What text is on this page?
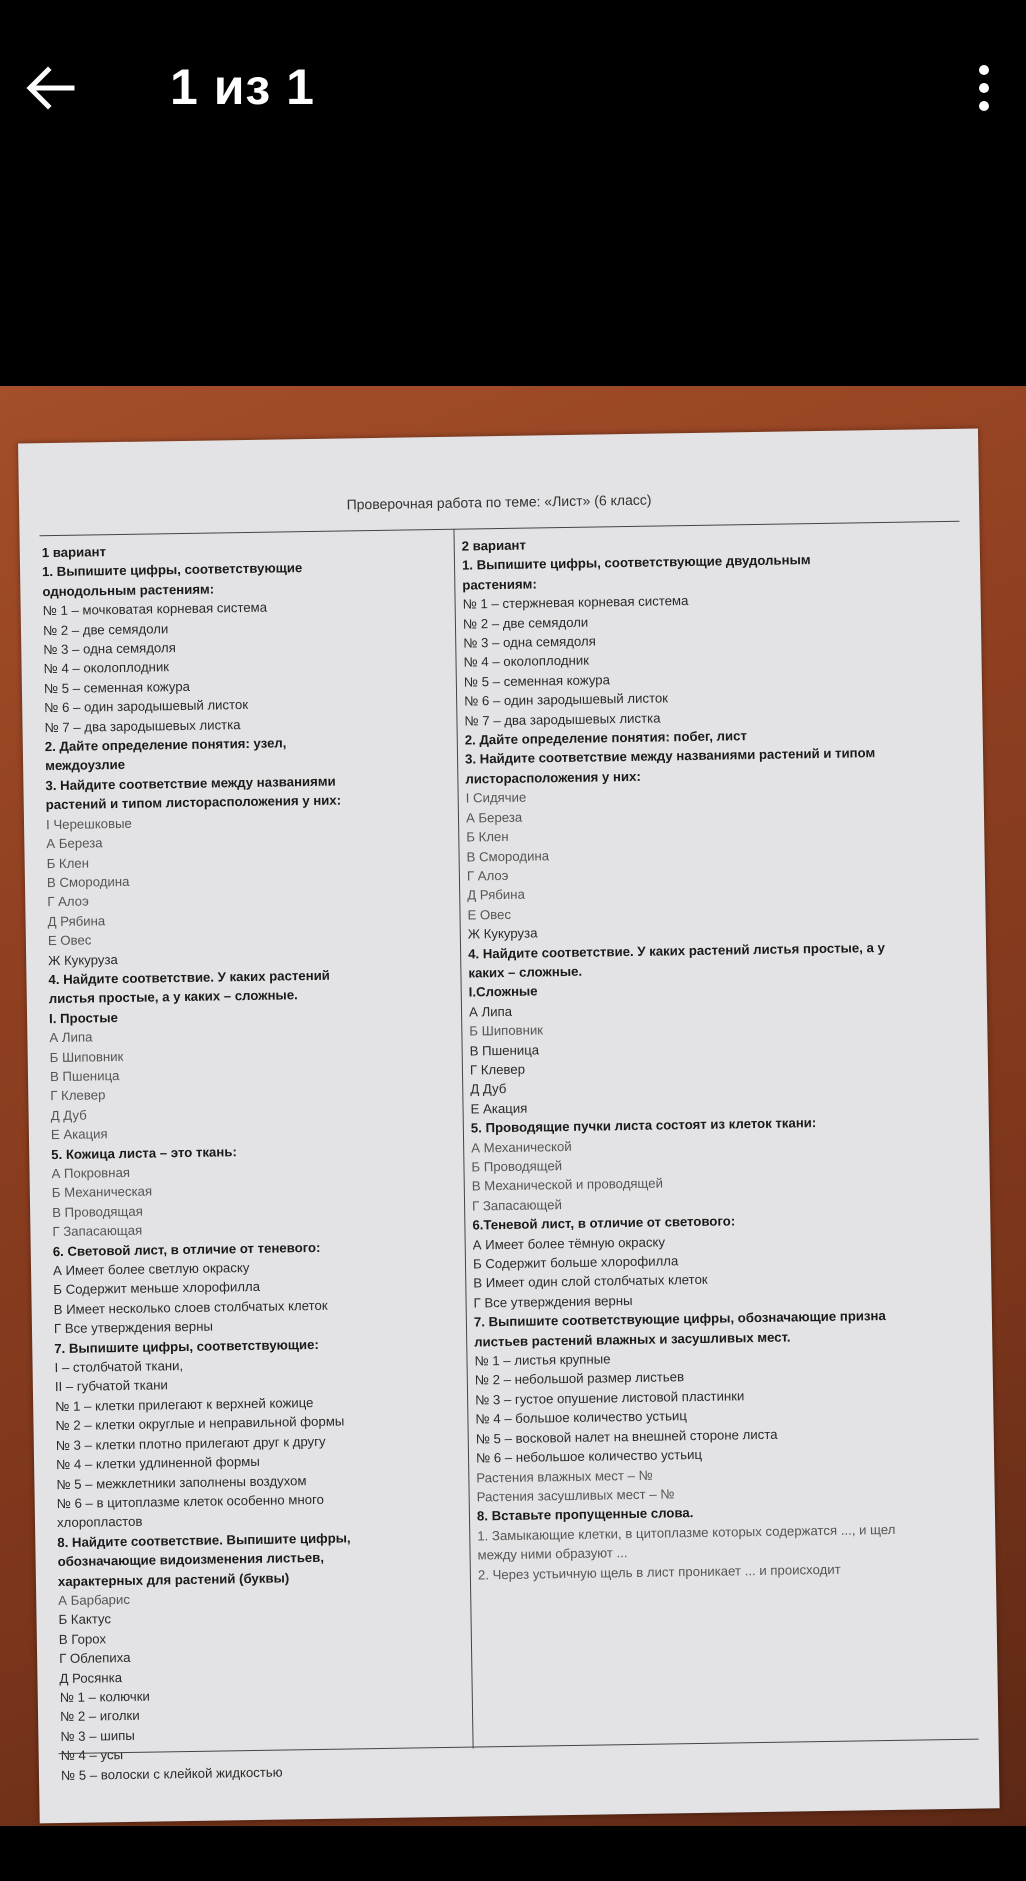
1 из 1
Проверочная работа по теме: «Лист» (6 класс)
1 вариант
1. Выпишите цифры, соответствующие
однодольным растениям:
№ 1 – мочковатая корневая система
№ 2 – две семядоли
№ 3 – одна семядоля
№ 4 – околоплодник
№ 5 – семенная кожура
№ 6 – один зародышевый листок
№ 7 – два зародышевых листка
2. Дайте определение понятия: узел,
междоузлие
3. Найдите соответствие между названиями
растений и типом листорасположения у них:
I Черешковые
А Береза
Б Клен
В Смородина
Г Алоэ
Д Рябина
Е Овес
Ж Кукуруза
4. Найдите соответствие. У каких растений
листья простые, а у каких – сложные.
I. Простые
А Липа
Б Шиповник
В Пшеница
Г Клевер
Д Дуб
Е Акация
5. Кожица листа – это ткань:
А Покровная
Б Механическая
В Проводящая
Г Запасающая
6. Световой лист, в отличие от теневого:
А Имеет более светлую окраску
Б Содержит меньше хлорофилла
В Имеет несколько слоев столбчатых клеток
Г Все утверждения верны
7. Выпишите цифры, соответствующие:
I – столбчатой ткани,
II – губчатой ткани
№ 1 – клетки прилегают к верхней кожице
№ 2 – клетки округлые и неправильной формы
№ 3 – клетки плотно прилегают друг к другу
№ 4 – клетки удлиненной формы
№ 5 – межклетники заполнены воздухом
№ 6 – в цитоплазме клеток особенно много
хлоропластов
8. Найдите соответствие. Выпишите цифры,
обозначающие видоизменения листьев,
характерных для растений (буквы)
А Барбарис
Б Кактус
В Горох
Г Облепиха
Д Росянка
№ 1 – колючки
№ 2 – иголки
№ 3 – шипы
№ 4 – усы
№ 5 – волоски с клейкой жидкостью
2 вариант
1. Выпишите цифры, соответствующие двудольным
растениям:
№ 1 – стержневая корневая система
№ 2 – две семядоли
№ 3 – одна семядоля
№ 4 – околоплодник
№ 5 – семенная кожура
№ 6 – один зародышевый листок
№ 7 – два зародышевых листка
2. Дайте определение понятия: побег, лист
3. Найдите соответствие между названиями растений и типом
листорасположения у них:
I Сидячие
А Береза
Б Клен
В Смородина
Г Алоэ
Д Рябина
Е Овес
Ж Кукуруза
4. Найдите соответствие. У каких растений листья простые, а у
каких – сложные.
I.Сложные
А Липа
Б Шиповник
В Пшеница
Г Клевер
Д Дуб
Е Акация
5. Проводящие пучки листа состоят из клеток ткани:
А Механической
Б Проводящей
В Механической и проводящей
Г Запасающей
6.Теневой лист, в отличие от светового:
А Имеет более тёмную окраску
Б Содержит больше хлорофилла
В Имеет один слой столбчатых клеток
Г Все утверждения верны
7. Выпишите соответствующие цифры, обозначающие призна
листьев растений влажных и засушливых мест.
№ 1 – листья крупные
№ 2 – небольшой размер листьев
№ 3 – густое опушение листовой пластинки
№ 4 – большое количество устьиц
№ 5 – восковой налет на внешней стороне листа
№ 6 – небольшое количество устьиц
Растения влажных мест – №
Растения засушливых мест – №
8. Вставьте пропущенные слова.
1. Замыкающие клетки, в цитоплазме которых содержатся ..., и щел
между ними образуют ...
2. Через устьичную щель в лист проникает ... и происходит
